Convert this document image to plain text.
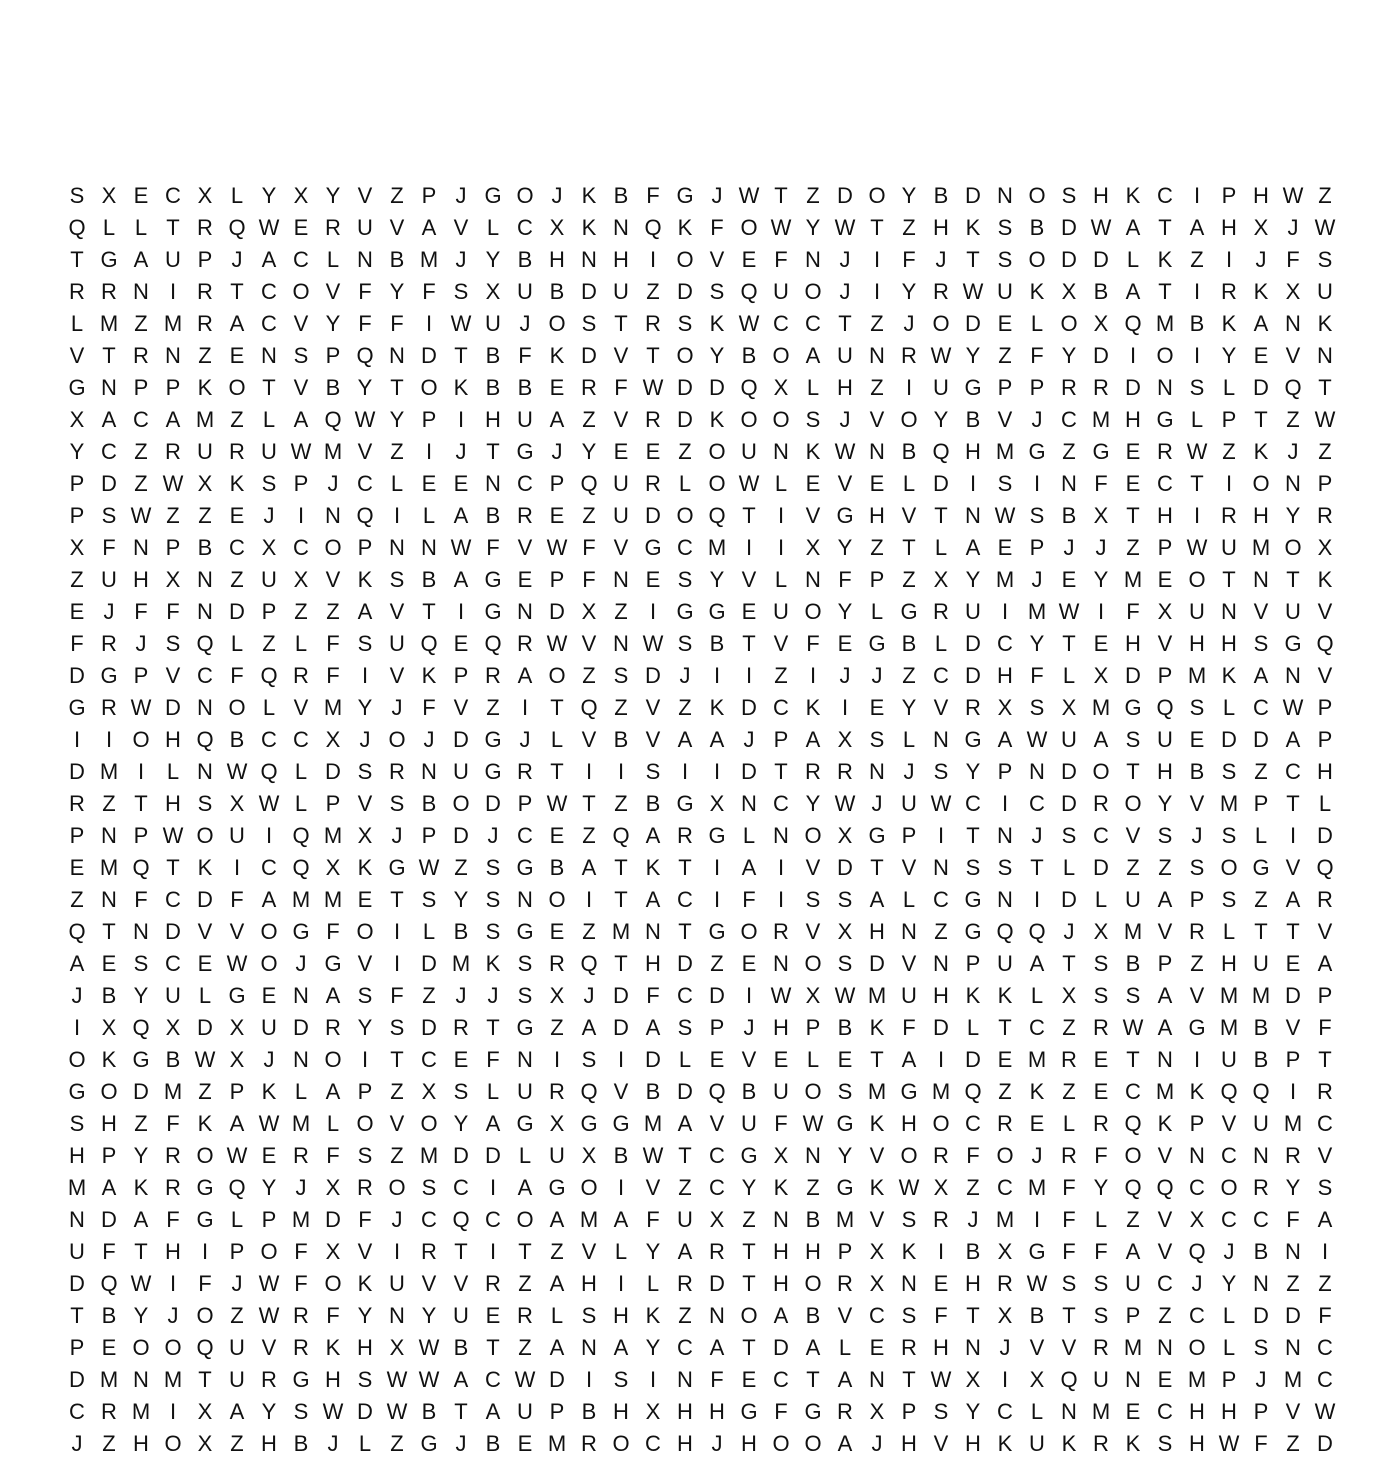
S X E C X L Y X Y V Z P J G O J K B F G J W T Z D O Y B D N O S H K C I P H W Z
Q L L T R Q W E R U V A V L C X K N Q K F O W Y W T Z H K S B D W A T A H X J W
T G A U P J A C L N B M J Y B H N H I O V E F N J	I	F J T S O D D L K Z	I	J F S
R R N I R T C O V F Y F S X U B D U Z D S Q U O J	I Y R W U K X B A T	I R K X U
L M Z M R A C V Y F F	I W U J O S T R S K W C C T Z J O D E L O X Q M B K A N K
V T R N Z E N S P Q N D T B F K D V T O Y B O A U N R W Y Z F Y D I O I Y E V N
G N P P K O T V B Y T O K B B E R F W D D Q X L H Z	I U G P P R R D N S L D Q T
X A C A M Z L A Q W Y P I H U A Z V R D K O O S J V O Y B V J C M H G L P T Z W
Y C Z R U R U W M V Z	I	J T G J Y E E Z O U N K W N B Q H M G Z G E R W Z K J Z
P D Z W X K S P J C L E E N C P Q U R L O W L E V E L D I S I N F E C T	I O N P
P S W Z Z E J	I N Q I	L A B R E Z U D O Q T	I V G H V T N W S B X T H I R H Y R
X F N P B C X C O P N N W F V W F V G C M I	I X Y Z T L A E P J J Z P W U M O X
Z U H X N Z U X V K S B A G E P F N E S Y V L N F P Z X Y M J E Y M E O T N T K
E J F F N D P Z Z A V T	I G N D X Z	I G G E U O Y L G R U I M W I	F X U N V U V
F R J S Q L Z L F S U Q E Q R W V N W S B T V F E G B L D C Y T E H V H H S G Q
D G P V C F Q R F	I V K P R A O Z S D J	I	I	Z	I	J J Z C D H F L X D P M K A N V
G R W D N O L V M Y J F V Z	I	T Q Z V Z K D C K I E Y V R X S X M G Q S L C W P
I	I O H Q B C C X J O J D G J L V B V A A J P A X S L N G A W U A S U E D D A P
D M I	L N W Q L D S R N U G R T	I	I S I	I D T R R N J S Y P N D O T H B S Z C H
R Z T H S X W L P V S B O D P W T Z B G X N C Y W J U W C I C D R O Y V M P T L
P N P W O U I Q M X J P D J C E Z Q A R G L N O X G P I	T N J S C V S J S L	I D
E M Q T K I C Q X K G W Z S G B A T K T	I A I V D T V N S S T L D Z Z S O G V Q
Z N F C D F A M M E T S Y S N O I	T A C I	F	I S S A L C G N I D L U A P S Z A R
Q T N D V V O G F O I	L B S G E Z M N T G O R V X H N Z G Q Q J X M V R L T T V
A E S C E W O J G V I D M K S R Q T H D Z E N O S D V N P U A T S B P Z H U E A
J B Y U L G E N A S F Z J J S X J D F C D I W X W M U H K K L X S S A V M M D P
I X Q X D X U D R Y S D R T G Z A D A S P J H P B K F D L T C Z R W A G M B V F
O K G B W X J N O I	T C E F N I S I D L E V E L E T A I D E M R E T N I U B P T
G O D M Z P K L A P Z X S L U R Q V B D Q B U O S M G M Q Z K Z E C M K Q Q I R
S H Z F K A W M L O V O Y A G X G G M A V U F W G K H O C R E L R Q K P V U M C
H P Y R O W E R F S Z M D D L U X B W T C G X N Y V O R F O J R F O V N C N R V
M A K R G Q Y J X R O S C I A G O I V Z C Y K Z G K W X Z C M F Y Q Q C O R Y S
N D A F G L P M D F J C Q C O A M A F U X Z N B M V S R J M I	F L Z V X C C F A
U F T H I P O F X V I R T	I	T Z V L Y A R T H H P X K I B X G F F A V Q J B N I
D Q W I	F J W F O K U V V R Z A H I	L R D T H O R X N E H R W S S U C J Y N Z Z
T B Y J O Z W R F Y N Y U E R L S H K Z N O A B V C S F T X B T S P Z C L D D F
P E O O Q U V R K H X W B T Z A N A Y C A T D A L E R H N J V V R M N O L S N C
D M N M T U R G H S W W A C W D I S I N F E C T A N T W X I X Q U N E M P J M C
C R M I X A Y S W D W B T A U P B H X H H G F G R X P S Y C L N M E C H H P V W
J Z H O X Z H B J L Z G J B E M R O C H J H O O A J H V H K U K R K S H W F Z D
